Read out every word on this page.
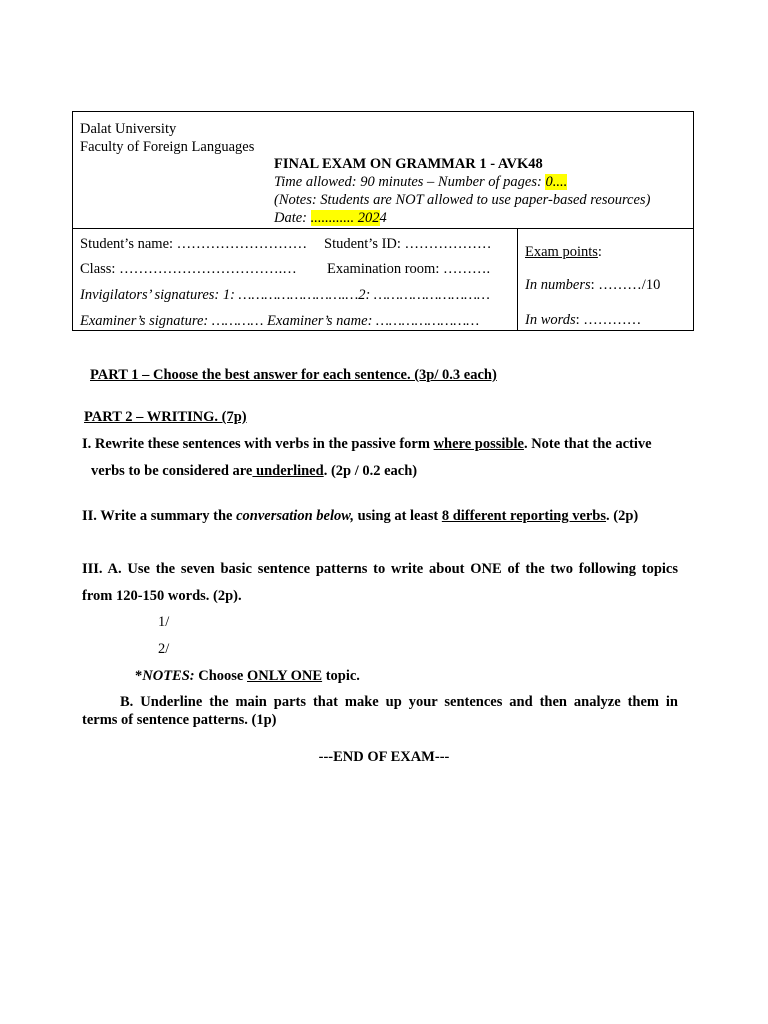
Dalat University
Faculty of Foreign Languages
FINAL EXAM ON GRAMMAR 1 - AVK48
Time allowed: 90 minutes – Number of pages: 0....
(Notes: Students are NOT allowed to use paper-based resources)
Date: ............ 2024
Student’s name: ……………………… Student’s ID: ………………
Class: …………………………….… Examination room: ……….
Invigilators’ signatures: 1: …………………….…2: ………………………
Examiner’s signature: ………… Examiner’s name: ……………………
Exam points:
In numbers: ………/10
In words: …………
PART 1 – Choose the best answer for each sentence. (3p/ 0.3 each)
PART 2 – WRITING. (7p)
I. Rewrite these sentences with verbs in the passive form where possible. Note that the active
verbs to be considered are underlined. (2p / 0.2 each)
II. Write a summary the conversation below, using at least 8 different reporting verbs. (2p)
III. A. Use the seven basic sentence patterns to write about ONE of the two following topics
from 120-150 words. (2p).
1/
2/
*NOTES: Choose ONLY ONE topic.
B. Underline the main parts that make up your sentences and then analyze them in
terms of sentence patterns. (1p)
---END OF EXAM---
